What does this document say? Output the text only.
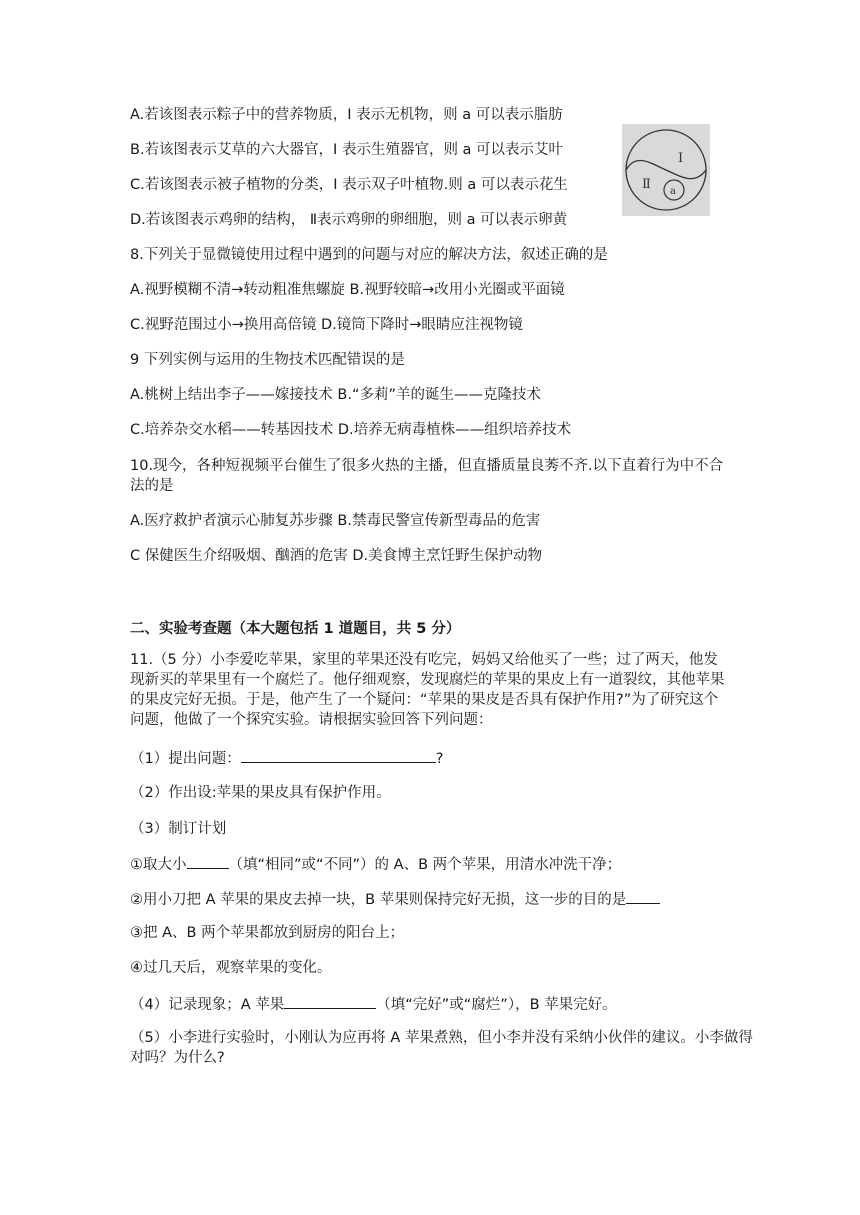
A.若该图表示粽子中的营养物质，I 表示无机物，则 a 可以表示脂肪
B.若该图表示艾草的六大器官，I 表示生殖器官，则 a 可以表示艾叶
C.若该图表示被子植物的分类，I 表示双子叶植物.则 a 可以表示花生
D.若该图表示鸡卵的结构， Ⅱ表示鸡卵的卵细胞，则 a 可以表示卵黄
Ⅰ
Ⅱ a
8.下列关于显微镜使用过程中遇到的问题与对应的解决方法，叙述正确的是
A.视野模糊不清→转动粗准焦螺旋 B.视野较暗→改用小光圈或平面镜
C.视野范围过小→换用高倍镜 D.镜筒下降时→眼睛应注视物镜
9 下列实例与运用的生物技术匹配错误的是
A.桃树上结出李子——嫁接技术 B.“多莉”羊的诞生——克隆技术
C.培养杂交水稻——转基因技术 D.培养无病毒植株——组织培养技术
10.现今，各种短视频平台催生了很多火热的主播，但直播质量良莠不齐.以下直着行为中不合法的是
A.医疗救护者演示心肺复苏步骤 B.禁毒民警宣传新型毒品的危害
C 保健医生介绍吸烟、酗酒的危害 D.美食博主烹饪野生保护动物
二、实验考查题（本大题包括 1 道题目，共 5 分）
11.（5 分）小李爱吃苹果，家里的苹果还没有吃完，妈妈又给他买了一些；过了两天，他发现新买的苹果里有一个腐烂了。他仔细观察，发现腐烂的苹果的果皮上有一道裂纹，其他苹果的果皮完好无损。于是，他产生了一个疑问：“苹果的果皮是否具有保护作用?”为了研究这个问题，他做了一个探究实验。请根据实验回答下列问题：
（1）提出问题：	?
（2）作出设:苹果的果皮具有保护作用。
（3）制订计划
①取大小	（填“相同”或“不同”）的 A、B 两个苹果，用清水冲洗干净；
②用小刀把 A 苹果的果皮去掉一块，B 苹果则保持完好无损，这一步的目的是
③把 A、B 两个苹果都放到厨房的阳台上；
④过几天后，观察苹果的变化。
（4）记录现象；A 苹果	（填“完好”或“腐烂”），B 苹果完好。
（5）小李进行实验时，小刚认为应再将 A 苹果煮熟，但小李并没有采纳小伙伴的建议。小李做得对吗？为什么?
